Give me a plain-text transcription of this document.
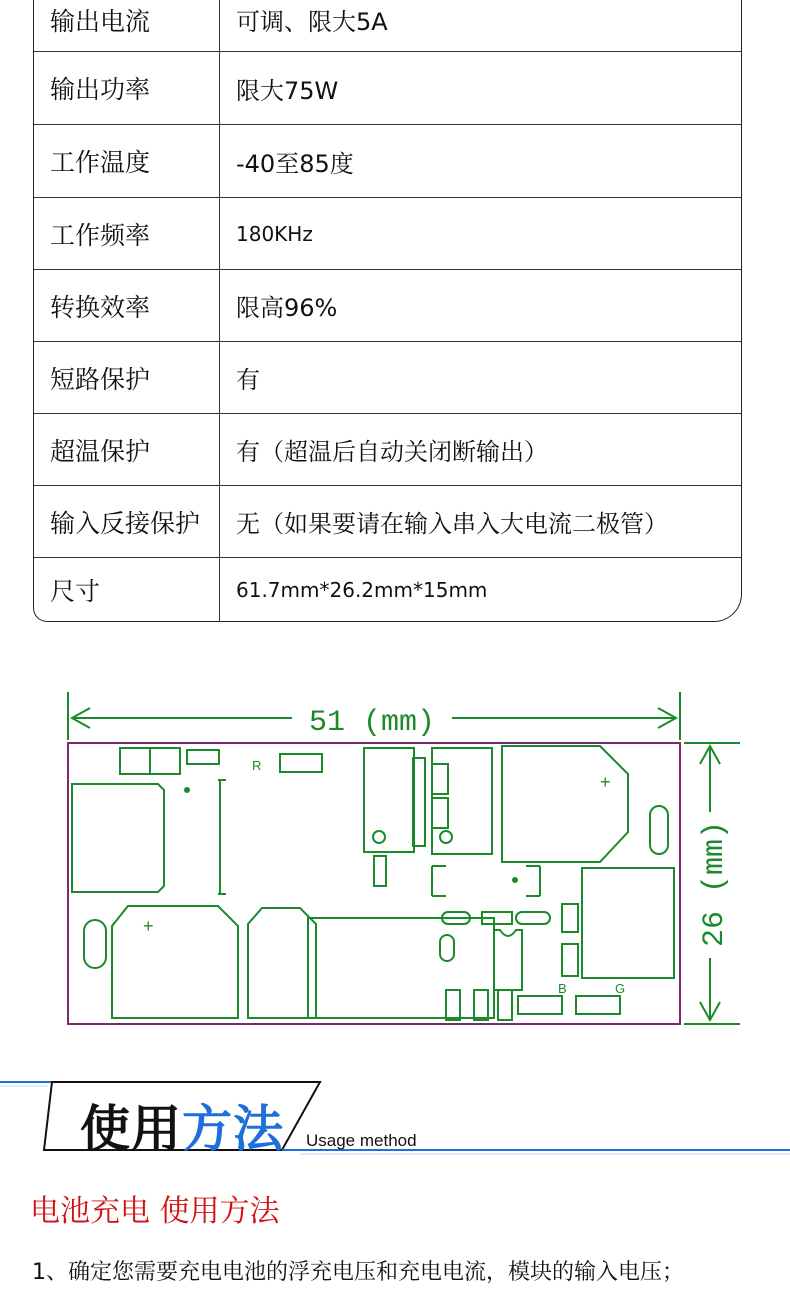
输出电流	可调、限大5A
输出功率	限大75W
工作温度	-40至85度
工作频率	180KHz
转换效率	限高96%
短路保护	有
超温保护	有（超温后自动关闭断输出）
输入反接保护	无（如果要请在输入串入大电流二极管）
尺寸	61.7mm*26.2mm*15mm
51 (mm)
26 (mm)
R
+
+
B	G
使用方法 Usage method
电池充电 使用方法
1、确定您需要充电电池的浮充电压和充电电流，模块的输入电压；
